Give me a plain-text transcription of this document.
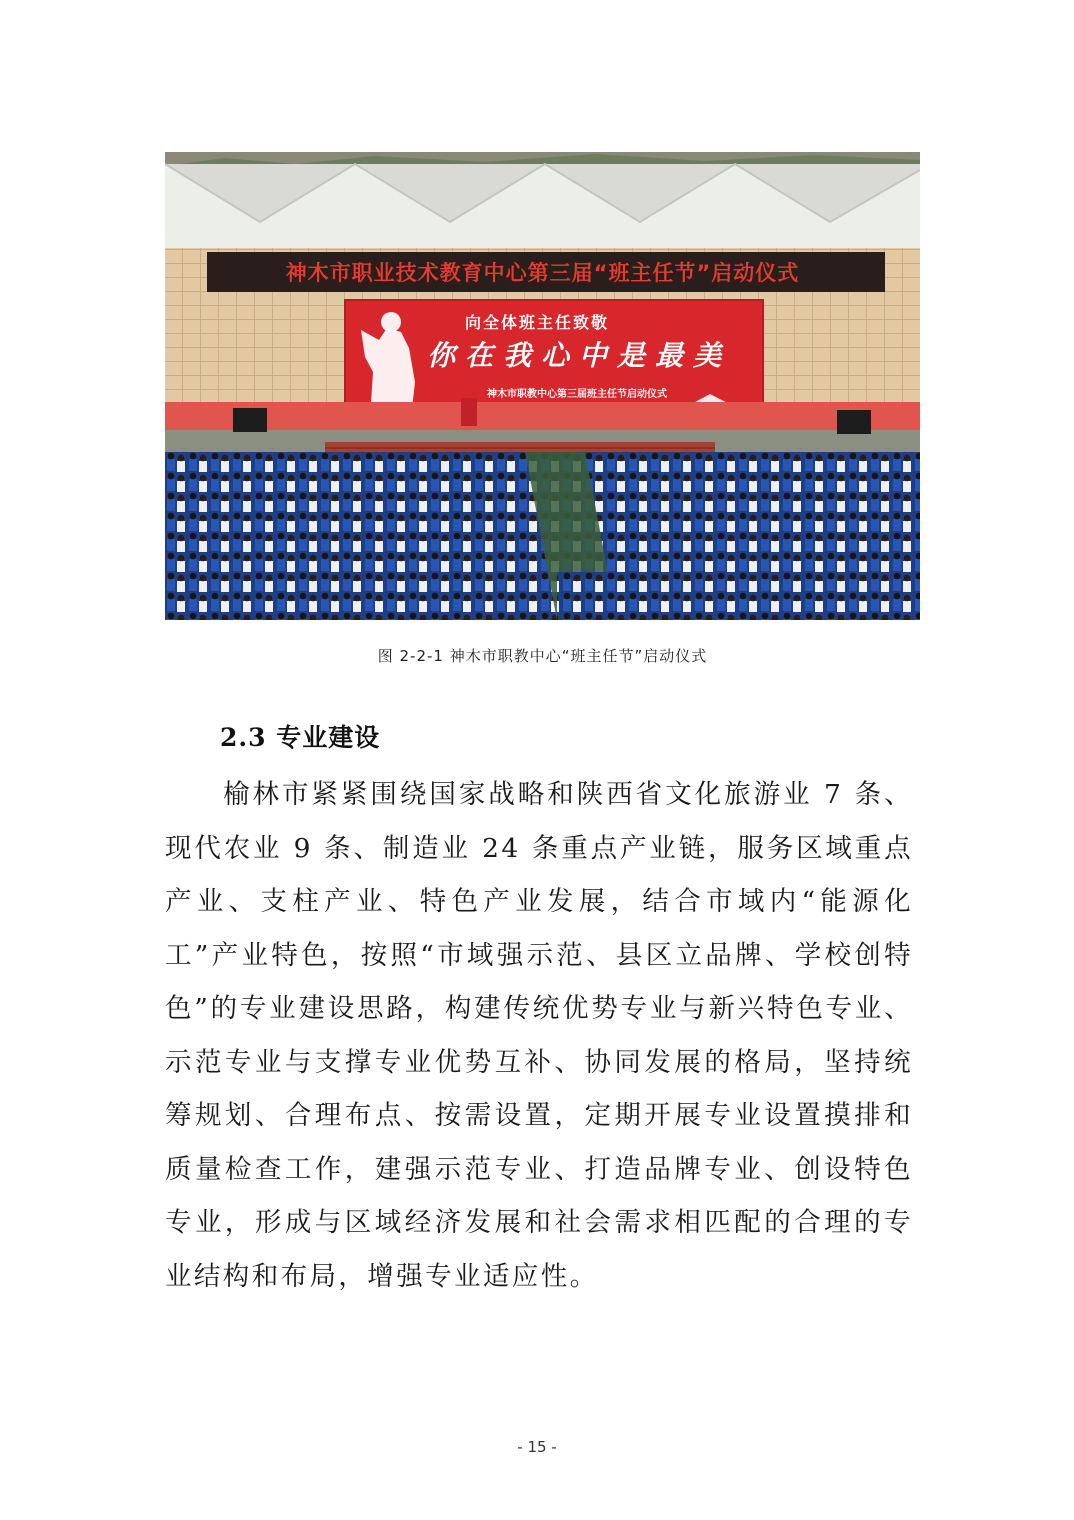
神木市职业技术教育中心第三届“班主任节”启动仪式
向全体班主任致敬
你在我心中是最美
神木市职教中心第三届班主任节启动仪式
图 2-2-1 神木市职教中心“班主任节”启动仪式
2.3 专业建设

榆林市紧紧围绕国家战略和陕西省文化旅游业 7 条、现代农业 9 条、制造业 24 条重点产业链，服务区域重点产业、支柱产业、特色产业发展，结合市域内“能源化工”产业特色，按照“市域强示范、县区立品牌、学校创特色”的专业建设思路，构建传统优势专业与新兴特色专业、示范专业与支撑专业优势互补、协同发展的格局，坚持统筹规划、合理布点、按需设置，定期开展专业设置摸排和质量检查工作，建强示范专业、打造品牌专业、创设特色专业，形成与区域经济发展和社会需求相匹配的合理的专业结构和布局，增强专业适应性。

- 15 -
